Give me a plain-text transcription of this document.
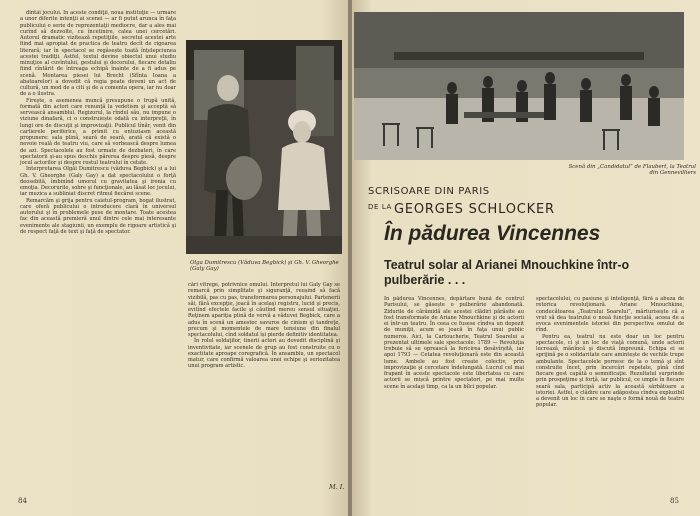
dintâi jocului. În aceste condiţii, noua instituţie — urmare a unor diferite intenţii ai scenei — ar fi putut arunca în faţa publicului o serie de reprezentaţii mediocre, dar a ales mai curînd să dezvolte, cu încetinire, calea unei cercetări. Autorul dramatic vizitează repetiţiile, secretul acestei arte fiind mai apropiat de practica de teatru decît de rigoarea literară; iar în spectacol se regăsește toată înţelepciunea acestei tradiţii. Astfel, textul devine obiectul unui studiu minuţios al cuvîntului, gestului şi decorului, fiecare detaliu fiind cîntărit de întreaga echipă înainte de a fi adus pe scenă. Montarea piesei lui Brecht (Sfînta Ioana a abatoarelor) a dovedit că regia poate deveni un act de cultură, un mod de a citi şi de a comenta opera, iar nu doar de a o ilustra.

Firește, o asemenea muncă presupune o trupă unită, formată din actori care renunţă la vedetism şi acceptă să servească ansamblul. Regizorul, la rîndul său, nu impune o viziune dinafară, ci o construiește odată cu interpreţii, în lungi ore de discuţii şi improvizaţii. Publicul tînăr, venit din cartierele periferice, a primit cu entuziasm această propunere: sala plină, seară de seară, arată că există o nevoie reală de teatru viu, care să vorbească despre lumea de azi. Spectacolele au fost urmate de dezbateri, în care spectatorii şi-au spus deschis părerea despre piesă, despre jocul actorilor şi despre rostul teatrului în cetate.

Interpretarea Olgăi Dumitrescu (văduva Begbick) şi a lui Gh. V. Gheorghe (Galy Gay) a dat spectacolului o forţă deosebită, îmbinînd umorul cu gravitatea şi ironia cu emoţia. Decorurile, sobre şi funcţionale, au lăsat loc jocului, iar muzica a subliniat discret ritmul fiecărei scene.

Remarcăm şi grija pentru caietul-program, bogat ilustrat, care oferă publicului o introducere clară în universul autorului şi în problemele puse de montare. Toate acestea fac din această premieră unul dintre cele mai interesante evenimente ale stagiunii, un exemplu de rigoare artistică şi de respect faţă de text şi faţă de spectator.

cări vitrege, potrivnice omului. Interpretul lui Galy Gay se remarcă prin simplitate şi siguranţă, reușind să facă vizibilă, pas cu pas, transformarea personajului. Partenerii săi, fără excepţie, joacă în acelaşi registru, lucid şi precis, evitînd efectele facile şi căutînd mereu sensul situaţiei. Reţinem apariţia plină de vervă a văduvei Begbick, care a adus în scenă un amestec savuros de cinism şi tandreţe, precum şi momentele de mare tensiune din finalul spectacolului, cînd soldatul își pierde definitiv identitatea.

În rolul soldaţilor, tinerii actori au dovedit disciplină şi inventivitate, iar scenele de grup au fost construite cu o exactitate aproape coregrafică. În ansamblu, un spectacol matur, care confirmă valoarea unei echipe şi seriozitatea unui program artistic.

84
Olga Dumitrescu (Văduva Begbick) şi Gh. V. Gheorghe (Galy Gay)
M. I.
85
Scenă din „Candidatul” de Flaubert, la Teatrul din Gennevilliers
SCRISOARE DIN PARIS
DE LA GEORGES SCHLOCKER
În pădurea Vincennes
Teatrul solar al Arianei Mnouchkine într-o pulberărie . . .

În pădurea Vincennes, depărtare bună de centrul Parisului, se găsește o pulberărie abandonată. Zidurile de cărămidă ale acestei clădiri părăsite au fost transformate de Ariane Mnouchkine şi de actorii ei într-un teatru. În ceea ce fusese cîndva un depozit de muniţii, acum se joacă în faţa unui public numeros. Aici, la Cartoucherie, Teatrul Soarelui a prezentat ultimele sale spectacole: 1789 — Revoluţia trebuie să se oprească la fericirea desăvîrșită, iar apoi 1793 — Cetatea revoluţionară este din această lume. Ambele au fost create colectiv, prin improvizaţie şi cercetare îndelungată. Lucrul cel mai frapant în aceste spectacole este libertatea cu care actorii se mișcă printre spectatori, pe mai multe scene în acelaşi timp, ca la un bîlci popular.

spectacolului, cu pasiune şi inteligenţă, fără a abuza de retorica revoluţionară. Ariane Mnouchkine, conducătoarea „Teatrului Soarelui”, mărturisește că a vrut să dea teatrului o nouă funcţie socială, aceea de a evoca evenimentele istoriei din perspectiva omului de rînd.

Pentru ea, teatrul nu este doar un loc pentru spectacole, ci şi un loc de viaţă comună, unde actorii lucrează, mănîncă şi discută împreună. Echipa ei se sprijină pe o solidaritate care amintește de vechile trupe ambulante. Spectacolele pornesc de la o temă şi sînt construite încet, prin încercări repetate, pînă cînd fiecare gest capătă o semnificaţie. Rezultatul surprinde prin prospeţime şi forţă, iar publicul, ce umple în fiecare seară sala, participă activ la această sărbătoare a istoriei. Astfel, o clădire care adăpostea cîndva explozibil a devenit un loc în care se naşte o formă nouă de teatru popular.
